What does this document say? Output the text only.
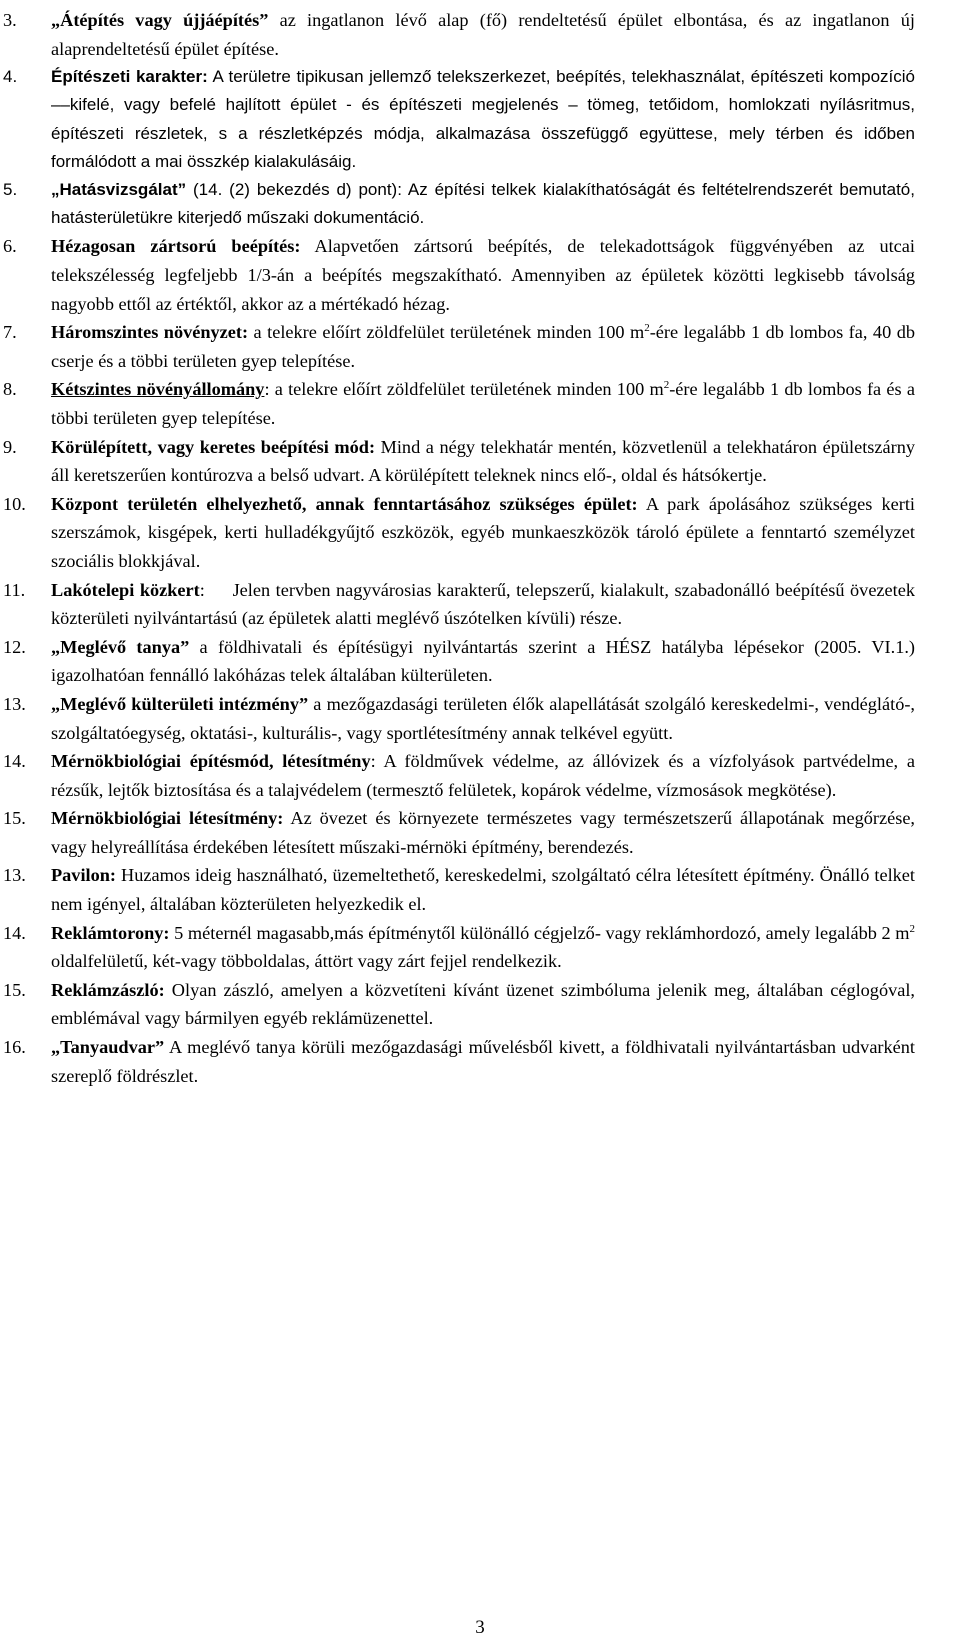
3.	„Átépítés vagy újjáépítés” az ingatlanon lévő alap (fő) rendeltetésű épület elbontása, és az ingatlanon új alaprendeltetésű épület építése.
4.	Építészeti karakter: A területre tipikusan jellemző telekszerkezet, beépítés, telekhasználat, építészeti kompozíció ––kifelé, vagy befelé hajlított épület - és építészeti megjelenés – tömeg, tetőidom, homlokzati nyílásritmus, építészeti részletek, s a részletképzés módja, alkalmazása összefüggő együttese, mely térben és időben formálódott a mai összkép kialakulásáig.
5.	„Hatásvizsgálat” (14. (2) bekezdés d) pont): Az építési telkek kialakíthatóságát és feltételrendszerét bemutató, hatásterületükre kiterjedő műszaki dokumentáció.
6.	Hézagosan zártsorú beépítés: Alapvetően zártsorú beépítés, de telekadottságok függvényében az utcai telekszélesség legfeljebb 1/3-án a beépítés megszakítható. Amennyiben az épületek közötti legkisebb távolság nagyobb ettől az értéktől, akkor az a mértékadó hézag.
7.	Háromszintes növényzet: a telekre előírt zöldfelület területének minden 100 $m^2$-ére legalább 1 db lombos fa, 40 db cserje és a többi területen gyep telepítése.
8.	Kétszintes növényállomány: a telekre előírt zöldfelület területének minden 100 $m^2$-ére legalább 1 db lombos fa és a többi területen gyep telepítése.
9.	Körülépített, vagy keretes beépítési mód: Mind a négy telekhatár mentén, közvetlenül a telekhatáron épületszárny áll keretszerűen kontúrozva a belső udvart. A körülépített teleknek nincs elő-, oldal és hátsókertje.
10.	Központ területén elhelyezhető, annak fenntartásához szükséges épület: A park ápolásához szükséges kerti szerszámok, kisgépek, kerti hulladékgyűjtő eszközök, egyéb munkaeszközök tároló épülete a fenntartó személyzet szociális blokkjával.
11.	Lakótelepi közkert:     Jelen tervben nagyvárosias karakterű, telepszerű, kialakult, szabadonálló beépítésű övezetek közterületi nyilvántartású (az épületek alatti meglévő úszótelken kívüli) része.
12.	„Meglévő tanya” a földhivatali és építésügyi nyilvántartás szerint a HÉSZ hatályba lépésekor (2005. VI.1.) igazolhatóan fennálló lakóházas telek általában külterületen.
13.	„Meglévő külterületi intézmény” a mezőgazdasági területen élők alapellátását szolgáló kereskedelmi-, vendéglátó-, szolgáltatóegység, oktatási-, kulturális-, vagy sportlétesítmény annak telkével együtt.
14.	Mérnökbiológiai építésmód, létesítmény: A földművek védelme, az állóvizek és a vízfolyások partvédelme, a rézsűk, lejtők biztosítása és a talajvédelem (termesztő felületek, kopárok védelme, vízmosások megkötése).
15.	Mérnökbiológiai létesítmény: Az övezet és környezete természetes vagy természetszerű állapotának megőrzése, vagy helyreállítása érdekében létesített műszaki-mérnöki építmény, berendezés.
13.	Pavilon: Huzamos ideig használható, üzemeltethető, kereskedelmi, szolgáltató célra létesített építmény. Önálló telket nem igényel, általában közterületen helyezkedik el.
14.	Reklámtorony: 5 méternél magasabb,más építménytől különálló cégjelző- vagy reklámhordozó, amely legalább 2 $m^2$ oldalfelületű, két-vagy többoldalas, áttört vagy zárt fejjel rendelkezik.
15.	Reklámzászló: Olyan zászló, amelyen a közvetíteni kívánt üzenet szimbóluma jelenik meg, általában céglogóval, emblémával vagy bármilyen egyéb reklámüzenettel.
16.	„Tanyaudvar” A meglévő tanya körüli mezőgazdasági művelésből kivett, a földhivatali nyilvántartásban udvarként szereplő földrészlet.
3
